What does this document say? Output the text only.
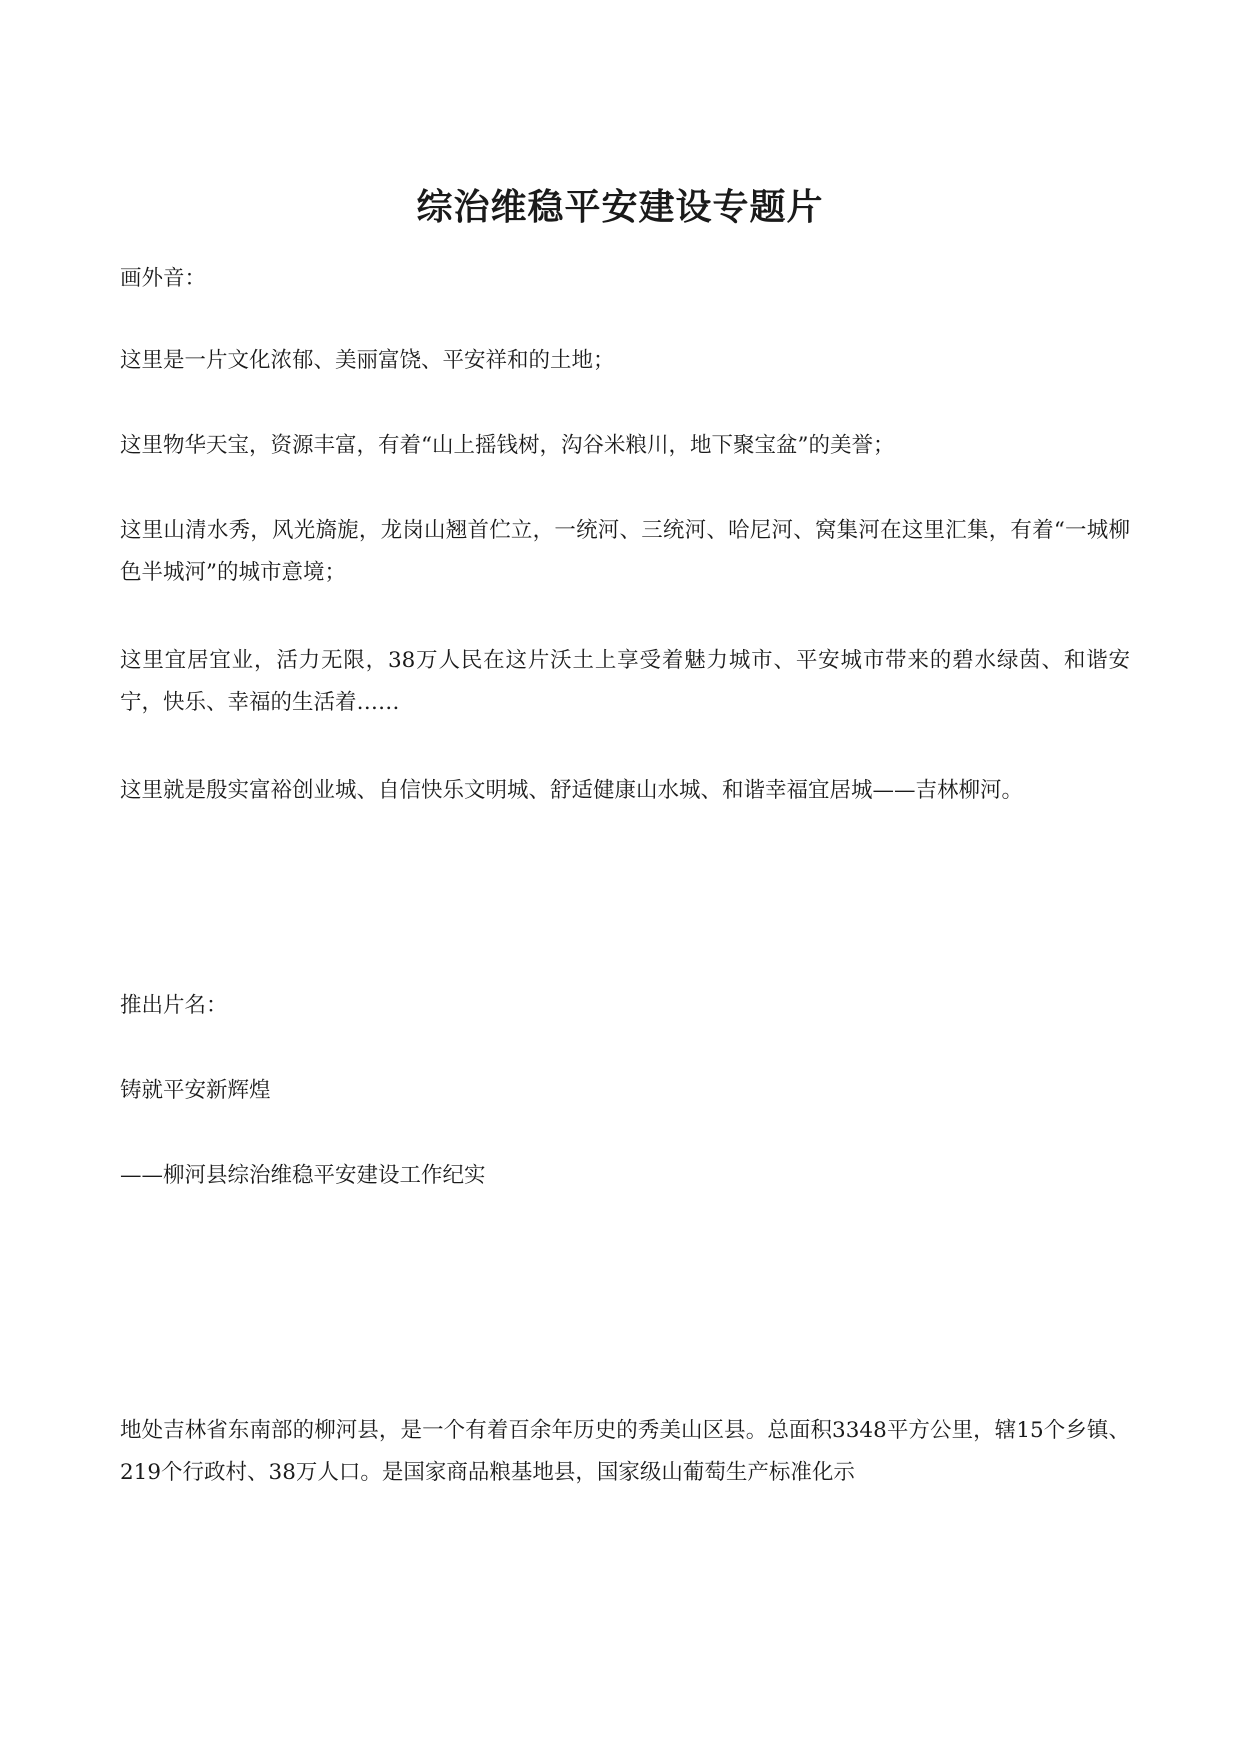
综治维稳平安建设专题片

画外音：

这里是一片文化浓郁、美丽富饶、平安祥和的土地；

这里物华天宝，资源丰富，有着“山上摇钱树，沟谷米粮川，地下聚宝盆”的美誉；

这里山清水秀，风光旖旎，龙岗山翘首伫立，一统河、三统河、哈尼河、窝集河在这里汇集，有着“一城柳色半城河”的城市意境；

这里宜居宜业，活力无限，38万人民在这片沃土上享受着魅力城市、平安城市带来的碧水绿茵、和谐安宁，快乐、幸福的生活着……

这里就是殷实富裕创业城、自信快乐文明城、舒适健康山水城、和谐幸福宜居城——吉林柳河。

推出片名：

铸就平安新辉煌

——柳河县综治维稳平安建设工作纪实

地处吉林省东南部的柳河县，是一个有着百余年历史的秀美山区县。总面积3348平方公里，辖15个乡镇、219个行政村、38万人口。是国家商品粮基地县，国家级山葡萄生产标准化示
